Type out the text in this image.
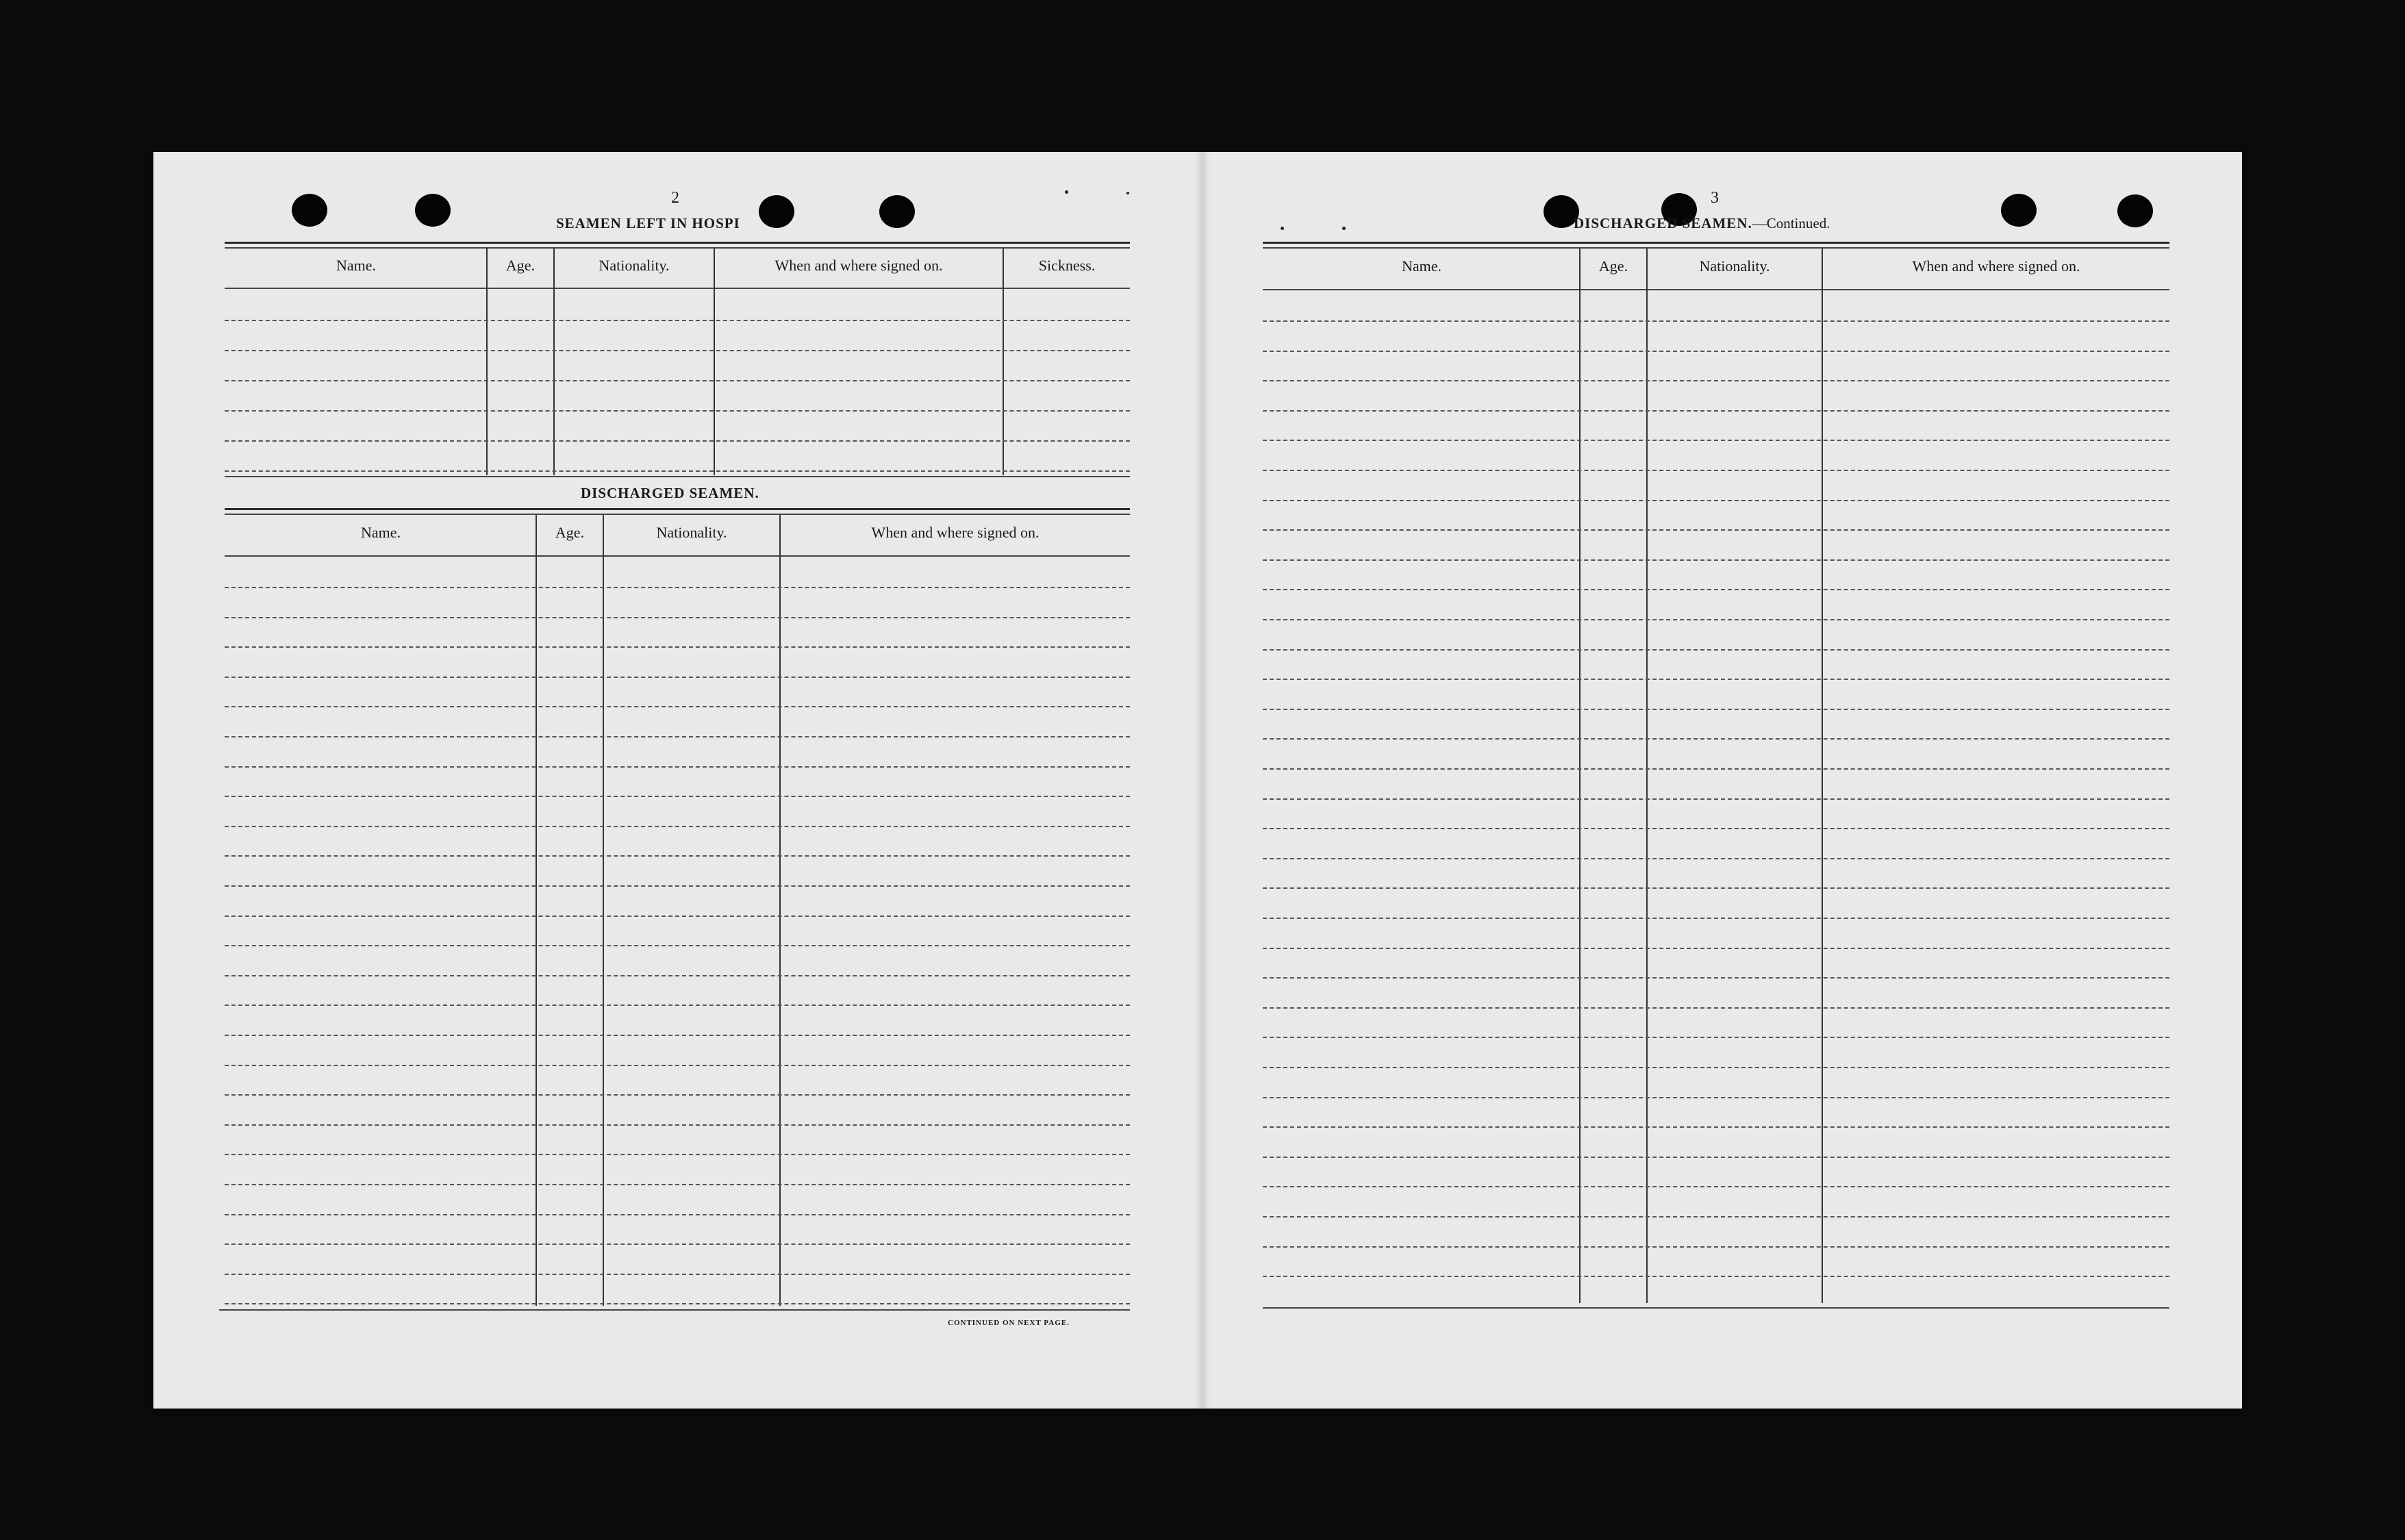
2
SEAMEN LEFT IN HOSPI
Name.	Age.	Nationality.	When and where signed on.	Sickness.
DISCHARGED SEAMEN.
Name.	Age.	Nationality.	When and where signed on.
CONTINUED ON NEXT PAGE.
3
DISCHARGED SEAMEN.—Continued.
Name.	Age.	Nationality.	When and where signed on.
